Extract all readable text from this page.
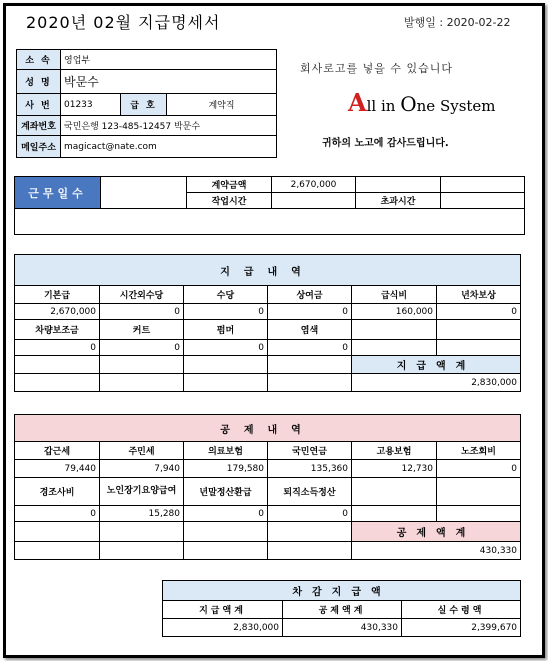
2020년 02월 지급명세서	발행일 : 2020-02-22
소 속	영업부		
성 명	박문수		
사 번	01233	급 호	계약직
계좌번호	국민은행 123-485-12457 박문수		
메일주소	magicact@nate.com		
회사로고를 넣을 수 있습니다
All in One System
귀하의 노고에 감사드립니다.
근무일수		계약금액	2,670,000		
		작업시간		초과시간	

지급내역					
기본급	시간외수당	수당	상여금	급식비	년차보상
2,670,000	0	0	0	160,000	0
차량보조금	커트	펌머	염색		
0	0	0	0		
				지급액계	
				2,830,000	
공제내역					
갑근세	주민세	의료보험	국민연금	고용보험	노조회비
79,440	7,940	179,580	135,360	12,730	0
경조사비	노인장기요양급여	년말정산환급	퇴직소득정산		
0	15,280	0	0		
				공제액계	
				430,330	
차감지급액		
지급액계	공제액계	실수령액
2,830,000	430,330	2,399,670
